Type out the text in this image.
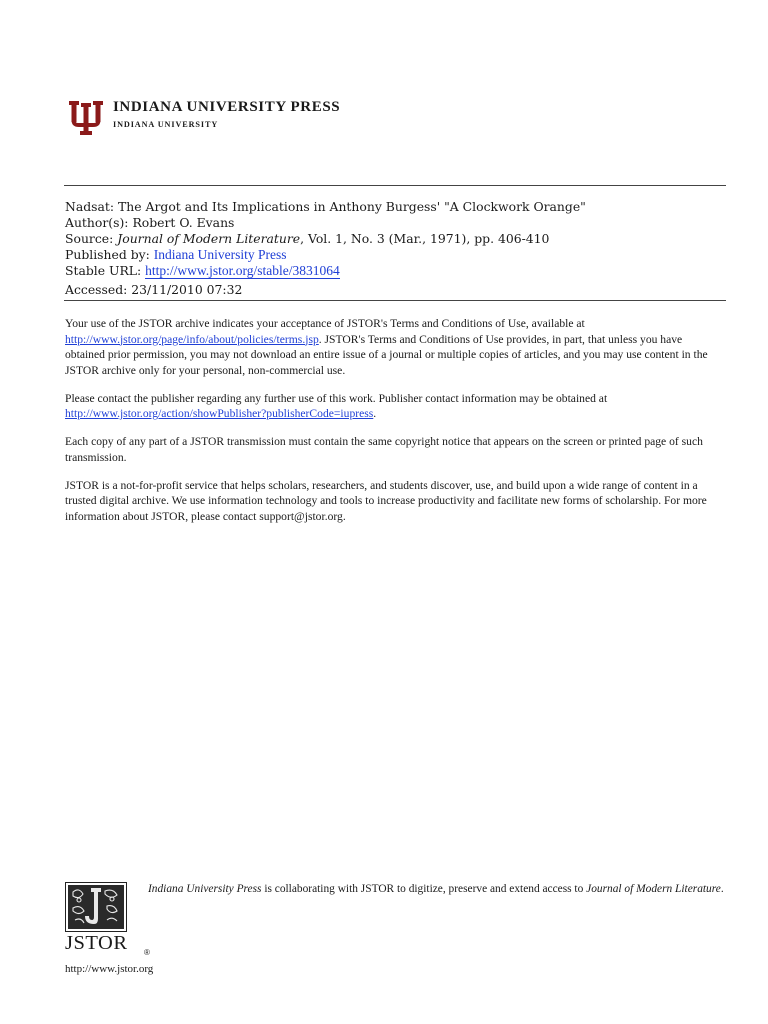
INDIANA UNIVERSITY PRESS
INDIANA UNIVERSITY
Nadsat: The Argot and Its Implications in Anthony Burgess' "A Clockwork Orange"
Author(s): Robert O. Evans
Source: Journal of Modern Literature, Vol. 1, No. 3 (Mar., 1971), pp. 406-410
Published by: Indiana University Press
Stable URL: http://www.jstor.org/stable/3831064
Accessed: 23/11/2010 07:32

Your use of the JSTOR archive indicates your acceptance of JSTOR's Terms and Conditions of Use, available at
http://www.jstor.org/page/info/about/policies/terms.jsp. JSTOR's Terms and Conditions of Use provides, in part, that unless you have obtained prior permission, you may not download an entire issue of a journal or multiple copies of articles, and you may use content in the JSTOR archive only for your personal, non-commercial use.

Please contact the publisher regarding any further use of this work. Publisher contact information may be obtained at
http://www.jstor.org/action/showPublisher?publisherCode=iupress.

Each copy of any part of a JSTOR transmission must contain the same copyright notice that appears on the screen or printed page of such transmission.

JSTOR is a not-for-profit service that helps scholars, researchers, and students discover, use, and build upon a wide range of content in a trusted digital archive. We use information technology and tools to increase productivity and facilitate new forms of scholarship. For more information about JSTOR, please contact support@jstor.org.

JSTOR ®
http://www.jstor.org
Indiana University Press is collaborating with JSTOR to digitize, preserve and extend access to Journal of Modern Literature.
